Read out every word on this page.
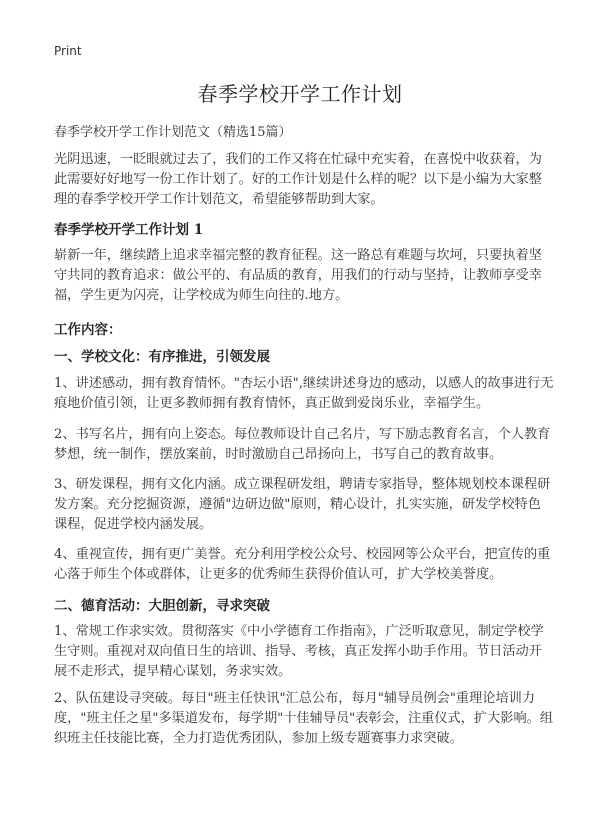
Print
春季学校开学工作计划
春季学校开学工作计划范文（精选15篇）
光阴迅速，一眨眼就过去了，我们的工作又将在忙碌中充实着，在喜悦中收获着，为此需要好好地写一份工作计划了。好的工作计划是什么样的呢？以下是小编为大家整理的春季学校开学工作计划范文，希望能够帮助到大家。
春季学校开学工作计划 1
崭新一年，继续踏上追求幸福完整的教育征程。这一路总有难题与坎坷，只要执着坚守共同的教育追求：做公平的、有品质的教育，用我们的行动与坚持，让教师享受幸福，学生更为闪亮，让学校成为师生向往的.地方。
工作内容：
一、学校文化：有序推进，引领发展
1、讲述感动，拥有教育情怀。"杏坛小语",继续讲述身边的感动，以感人的故事进行无痕地价值引领，让更多教师拥有教育情怀，真正做到爱岗乐业，幸福学生。
2、书写名片，拥有向上姿态。每位教师设计自己名片，写下励志教育名言，个人教育梦想，统一制作，摆放案前，时时激励自己昂扬向上，书写自己的教育故事。
3、研发课程，拥有文化内涵。成立课程研发组，聘请专家指导，整体规划校本课程研发方案。充分挖掘资源，遵循"边研边做"原则，精心设计，扎实实施，研发学校特色课程，促进学校内涵发展。
4、重视宣传，拥有更广美誉。充分利用学校公众号、校园网等公众平台，把宣传的重心落于师生个体或群体，让更多的优秀师生获得价值认可，扩大学校美誉度。
二、德育活动：大胆创新，寻求突破
1、常规工作求实效。贯彻落实《中小学德育工作指南》，广泛听取意见，制定学校学生守则。重视对双向值日生的培训、指导、考核，真正发挥小助手作用。节日活动开展不走形式，提早精心谋划，务求实效。
2、队伍建设寻突破。每日"班主任快讯"汇总公布，每月"辅导员例会"重理论培训力度，"班主任之星"多渠道发布，每学期"十佳辅导员"表彰会，注重仪式，扩大影响。组织班主任技能比赛，全力打造优秀团队，参加上级专题赛事力求突破。
